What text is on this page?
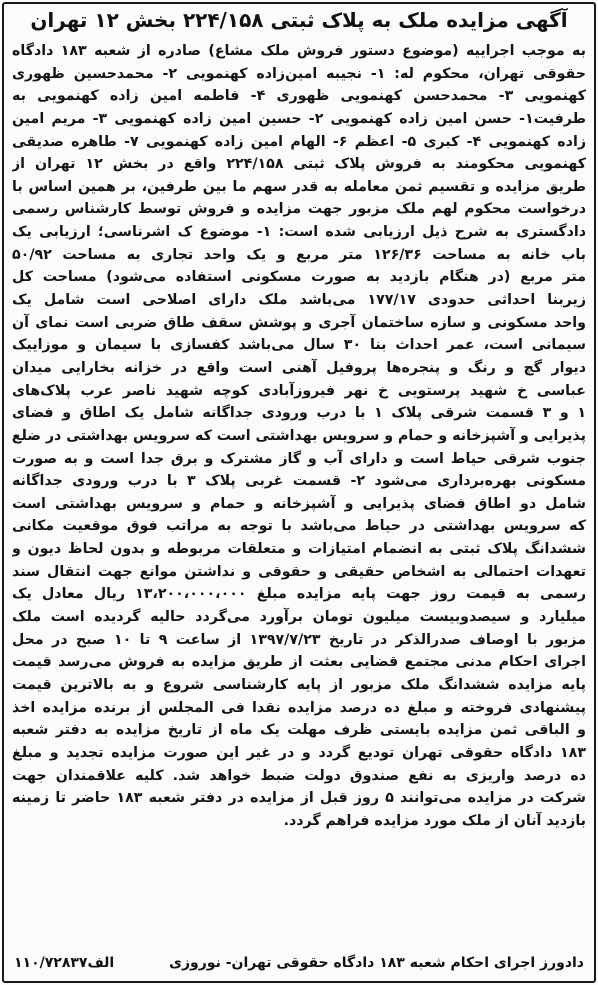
آگهی مزایده ملک به پلاک ثبتی ۲۲۴/۱۵۸ بخش ۱۲ تهران
به موجب اجراییه (موضوع دستور فروش ملک مشاع) صادره از شعبه ۱۸۳ دادگاه
حقوقی تهران، محکوم له: ۱- نجیبه امین‌زاده کهنمویی ۲- محمدحسین ظهوری
کهنمویی ۳- محمدحسن کهنمویی ظهوری ۴- فاطمه امین زاده کهنمویی به
طرفیت۱- حسن امین زاده کهنمویی ۲- حسین امین زاده کهنمویی ۳- مریم امین
زاده کهنمویی ۴- کبری ۵- اعظم ۶- الهام امین زاده کهنمویی ۷- طاهره صدیقی
کهنمویی محکومند به فروش پلاک ثبتی ۲۲۴/۱۵۸ واقع در بخش ۱۲ تهران از
طریق مزایده و تقسیم ثمن معامله به قدر سهم ما بین طرفین، بر همین اساس با
درخواست محکوم لهم ملک مزبور جهت مزایده و فروش توسط کارشناس رسمی
دادگستری به شرح ذیل ارزیابی شده است: ۱- موضوع ک اشرناسی؛ ارزیابی یک
باب خانه به مساحت ۱۲۶/۳۶ متر مربع و یک واحد تجاری به مساحت ۵۰/۹۲
متر مربع (در هنگام بازدید به صورت مسکونی استفاده می‌شود) مساحت کل
زیربنا احداثی حدودی ۱۷۷/۱۷ می‌باشد ملک دارای اصلاحی است شامل یک
واحد مسکونی و سازه ساختمان آجری و پوشش سقف طاق ضربی است نمای آن
سیمانی است، عمر احداث بنا ۳۰ سال می‌باشد کفسازی با سیمان و موزاییک
دیوار گچ و رنگ و پنجره‌ها پروفیل آهنی است واقع در خزانه بخارایی میدان
عباسی خ شهید پرستویی خ نهر فیروزآبادی کوچه شهید ناصر عرب پلاک‌های
۱ و ۳ قسمت شرقی پلاک ۱ با درب ورودی جداگانه شامل یک اطاق و فضای
پذیرایی و آشپزخانه و حمام و سرویس بهداشتی است که سرویس بهداشتی در ضلع
جنوب شرقی حیاط است و دارای آب و گاز مشترک و برق جدا است و به صورت
مسکونی بهره‌برداری می‌شود ۲- قسمت غربی پلاک ۳ با درب ورودی جداگانه
شامل دو اطاق فضای پذیرایی و آشپزخانه و حمام و سرویس بهداشتی است
که سرویس بهداشتی در حیاط می‌باشد با توجه به مراتب فوق موقعیت مکانی
ششدانگ پلاک ثبتی به انضمام امتیازات و متعلقات مربوطه و بدون لحاظ دیون و
تعهدات احتمالی به اشخاص حقیقی و حقوقی و نداشتن موانع جهت انتقال سند
رسمی به قیمت روز جهت پایه مزایده مبلغ ۱۳،۲۰۰،۰۰۰،۰۰۰ ریال معادل یک
میلیارد و سیصدوبیست میلیون تومان برآورد می‌گردد حالیه گردیده است ملک
مزبور با اوصاف صدرالذکر در تاریخ ۱۳۹۷/۷/۲۳ از ساعت ۹ تا ۱۰ صبح در محل
اجرای احکام مدنی مجتمع قضایی بعثت از طریق مزایده به فروش می‌رسد قیمت
پایه مزایده ششدانگ ملک مزبور از پایه کارشناسی شروع و به بالاترین قیمت
پیشنهادی فروخته و مبلغ ده درصد مزایده نقدا فی المجلس از برنده مزایده اخذ
و الباقی ثمن مزایده بایستی ظرف مهلت یک ماه از تاریخ مزایده به دفتر شعبه
۱۸۳ دادگاه حقوقی تهران تودیع گردد و در غیر این صورت مزایده تجدید و مبلغ
ده درصد واریزی به نفع صندوق دولت ضبط خواهد شد. کلیه علاقمندان جهت
شرکت در مزایده می‌توانند ۵ روز قبل از مزایده در دفتر شعبه ۱۸۳ حاضر تا زمینه
بازدید آنان از ملک مورد مزایده فراهم گردد.
دادورز اجرای احکام شعبه ۱۸۳ دادگاه حقوقی تهران- نوروزی
۱۱۰/۷۲۸۳۷الف
